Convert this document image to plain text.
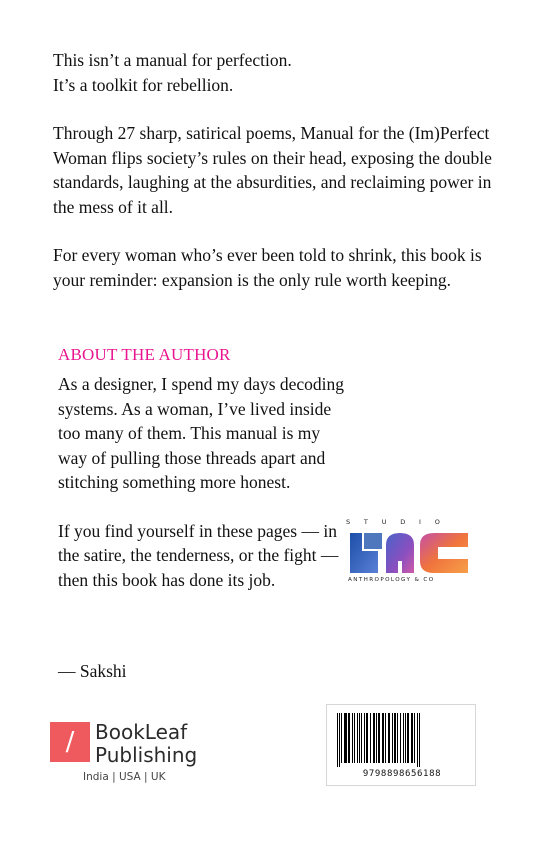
This isn’t a manual for perfection.
It’s a toolkit for rebellion.

Through 27 sharp, satirical poems, Manual for the (Im)Perfect Woman flips society’s rules on their head, exposing the double standards, laughing at the absurdities, and reclaiming power in the mess of it all.

For every woman who’s ever been told to shrink, this book is your reminder: expansion is the only rule worth keeping.

ABOUT THE AUTHOR

As a designer, I spend my days decoding systems. As a woman, I’ve lived inside too many of them. This manual is my way of pulling those threads apart and stitching something more honest.

If you find yourself in these pages — in the satire, the tenderness, or the fight — then this book has done its job.

— Sakshi
STUDIO
ANTHROPOLOGY & CO
/	BookLeaf
Publishing
India | USA | UK	9798898656188
